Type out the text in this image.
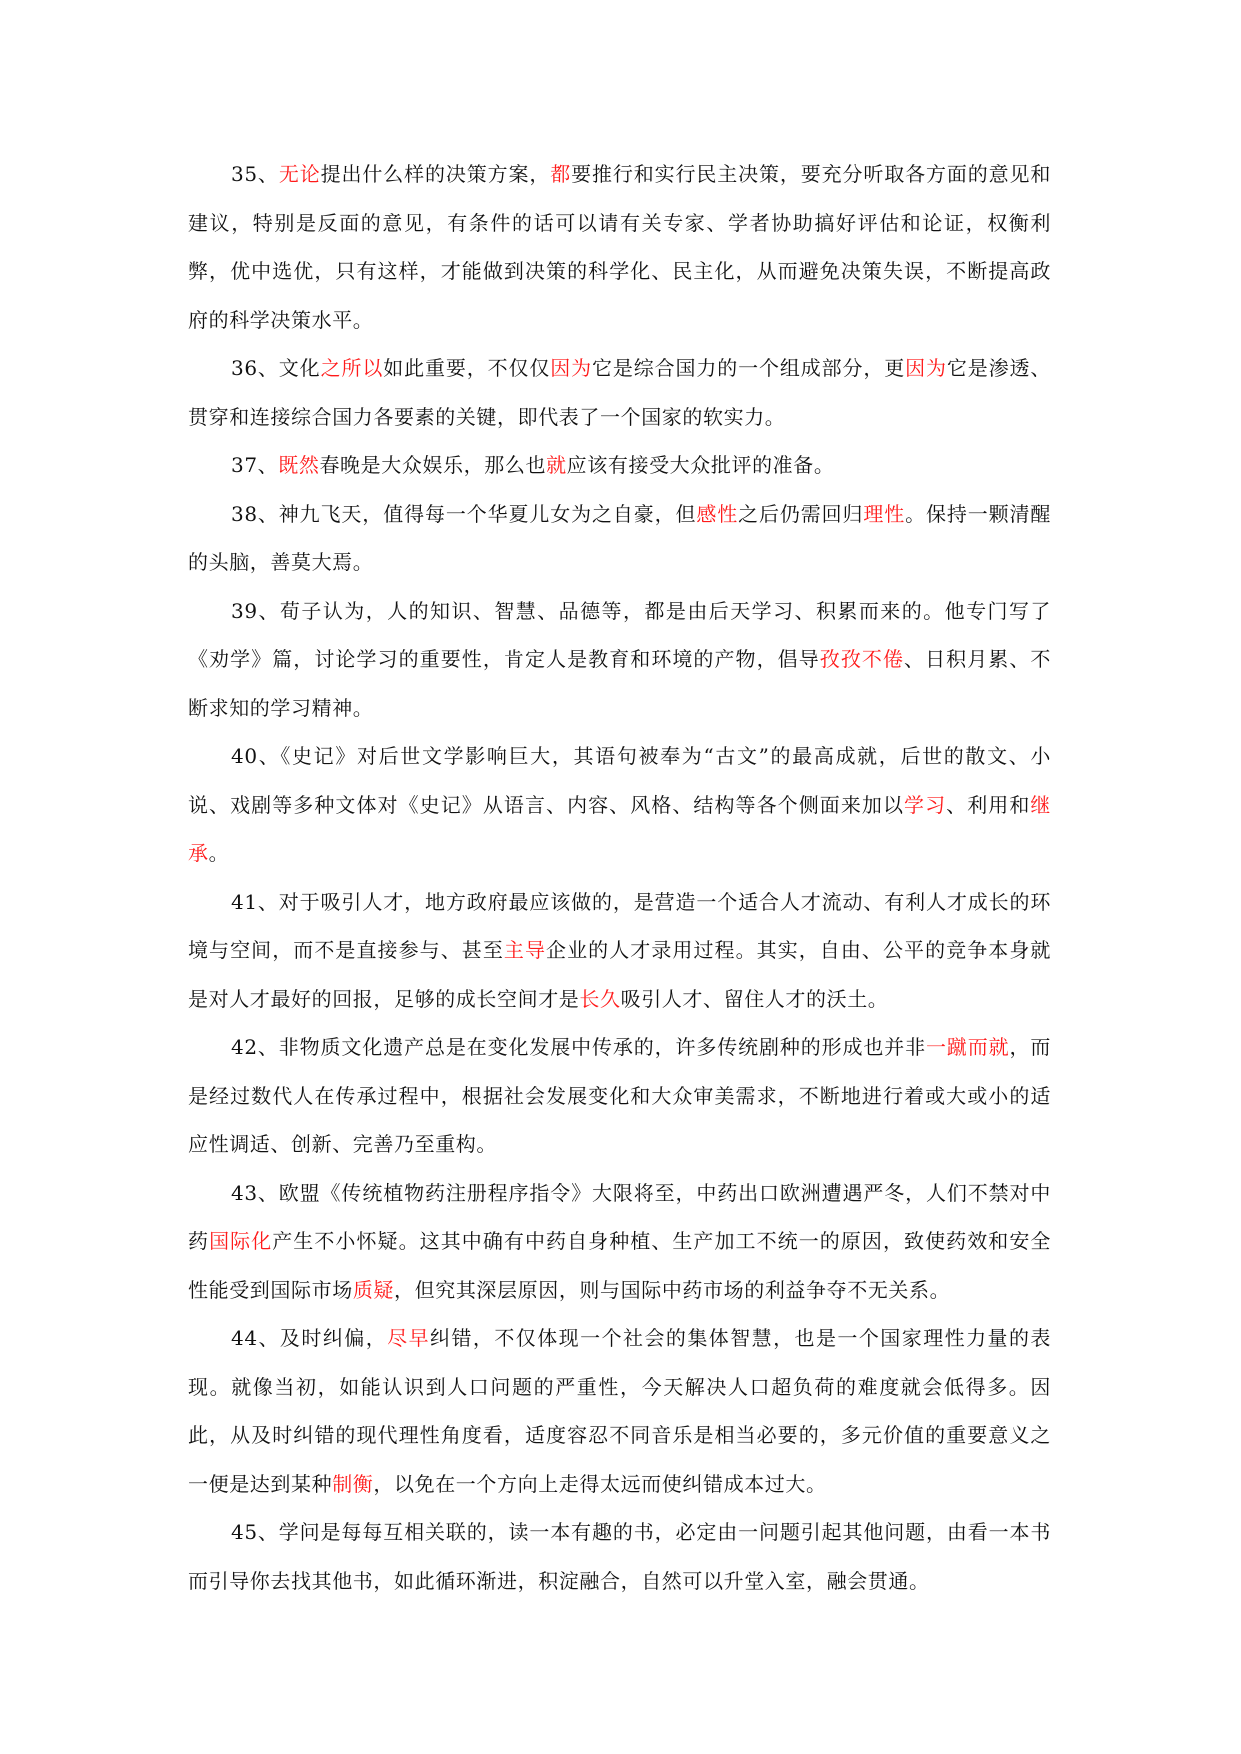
35、无论提出什么样的决策方案，都要推行和实行民主决策，要充分听取各方面的意见和建议，特别是反面的意见，有条件的话可以请有关专家、学者协助搞好评估和论证，权衡利弊，优中选优，只有这样，才能做到决策的科学化、民主化，从而避免决策失误，不断提高政府的科学决策水平。

36、文化之所以如此重要，不仅仅因为它是综合国力的一个组成部分，更因为它是渗透、贯穿和连接综合国力各要素的关键，即代表了一个国家的软实力。

37、既然春晚是大众娱乐，那么也就应该有接受大众批评的准备。

38、神九飞天，值得每一个华夏儿女为之自豪，但感性之后仍需回归理性。保持一颗清醒的头脑，善莫大焉。

39、荀子认为，人的知识、智慧、品德等，都是由后天学习、积累而来的。他专门写了《劝学》篇，讨论学习的重要性，肯定人是教育和环境的产物，倡导孜孜不倦、日积月累、不断求知的学习精神。

40、《史记》对后世文学影响巨大，其语句被奉为“古文”的最高成就，后世的散文、小说、戏剧等多种文体对《史记》从语言、内容、风格、结构等各个侧面来加以学习、利用和继承。

41、对于吸引人才，地方政府最应该做的，是营造一个适合人才流动、有利人才成长的环境与空间，而不是直接参与、甚至主导企业的人才录用过程。其实，自由、公平的竞争本身就是对人才最好的回报，足够的成长空间才是长久吸引人才、留住人才的沃土。

42、非物质文化遗产总是在变化发展中传承的，许多传统剧种的形成也并非一蹴而就，而是经过数代人在传承过程中，根据社会发展变化和大众审美需求，不断地进行着或大或小的适应性调适、创新、完善乃至重构。

43、欧盟《传统植物药注册程序指令》大限将至，中药出口欧洲遭遇严冬，人们不禁对中药国际化产生不小怀疑。这其中确有中药自身种植、生产加工不统一的原因，致使药效和安全性能受到国际市场质疑，但究其深层原因，则与国际中药市场的利益争夺不无关系。

44、及时纠偏，尽早纠错，不仅体现一个社会的集体智慧，也是一个国家理性力量的表现。就像当初，如能认识到人口问题的严重性，今天解决人口超负荷的难度就会低得多。因此，从及时纠错的现代理性角度看，适度容忍不同音乐是相当必要的，多元价值的重要意义之一便是达到某种制衡，以免在一个方向上走得太远而使纠错成本过大。

45、学问是每每互相关联的，读一本有趣的书，必定由一问题引起其他问题，由看一本书而引导你去找其他书，如此循环渐进，积淀融合，自然可以升堂入室，融会贯通。
